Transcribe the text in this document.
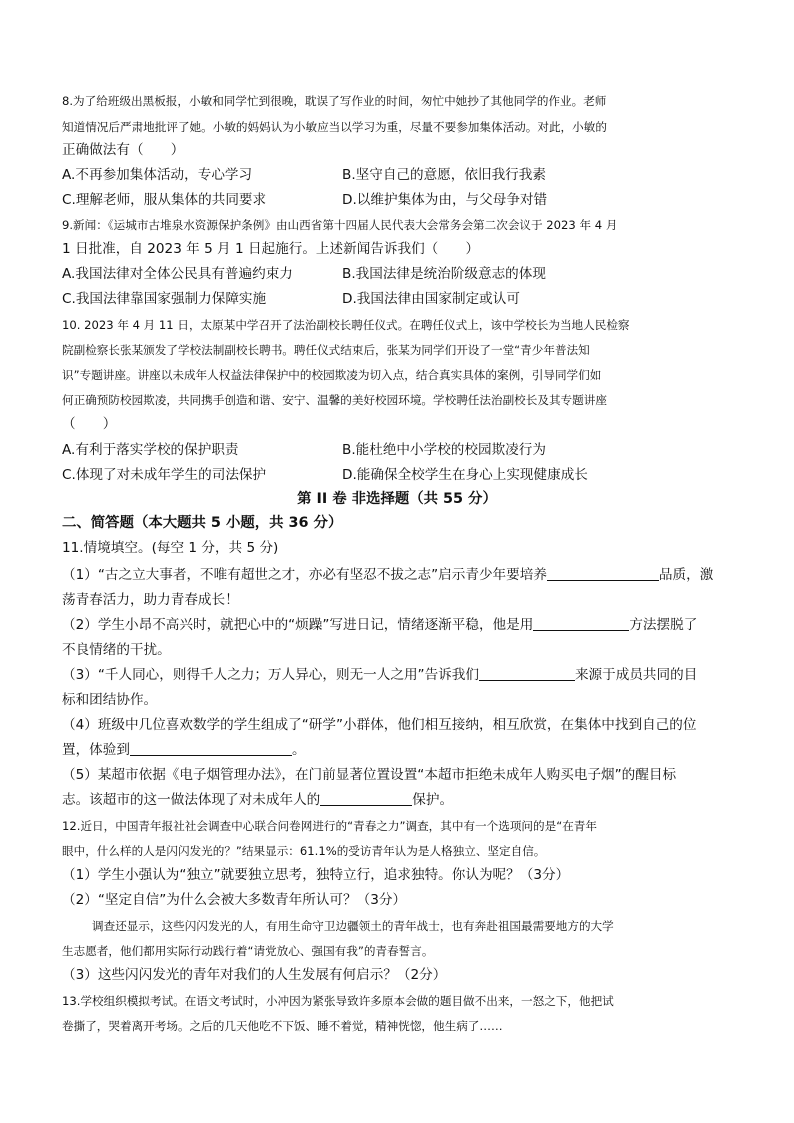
8.为了给班级出黑板报，小敏和同学忙到很晚，耽误了写作业的时间，匆忙中她抄了其他同学的作业。老师
知道情况后严肃地批评了她。小敏的妈妈认为小敏应当以学习为重，尽量不要参加集体活动。对此，小敏的
正确做法有（　　）
A.不再参加集体活动，专心学习	B.坚守自己的意愿，依旧我行我素
C.理解老师，服从集体的共同要求	D.以维护集体为由，与父母争对错
9.新闻：《运城市古堆泉水资源保护条例》由山西省第十四届人民代表大会常务会第二次会议于 2023 年 4 月
1 日批准，自 2023 年 5 月 1 日起施行。上述新闻告诉我们（　　）
A.我国法律对全体公民具有普遍约束力	B.我国法律是统治阶级意志的体现
C.我国法律靠国家强制力保障实施	D.我国法律由国家制定或认可
10. 2023 年 4 月 11 日，太原某中学召开了法治副校长聘任仪式。在聘任仪式上，该中学校长为当地人民检察
院副检察长张某颁发了学校法制副校长聘书。聘任仪式结束后，张某为同学们开设了一堂“青少年普法知
识”专题讲座。讲座以未成年人权益法律保护中的校园欺凌为切入点，结合真实具体的案例，引导同学们如
何正确预防校园欺凌，共同携手创造和谐、安宁、温馨的美好校园环境。学校聘任法治副校长及其专题讲座
（　　）
A.有利于落实学校的保护职责	B.能杜绝中小学校的校园欺凌行为
C.体现了对未成年学生的司法保护	D.能确保全校学生在身心上实现健康成长
第 II 卷 非选择题（共 55 分）
二、简答题（本大题共 5 小题，共 36 分）
11.情境填空。(每空 1 分，共 5 分)
（1）“古之立大事者，不唯有超世之才，亦必有坚忍不拔之志”启示青少年要培养	品质，激
荡青春活力，助力青春成长！
（2）学生小昂不高兴时，就把心中的“烦躁”写进日记，情绪逐渐平稳，他是用	方法摆脱了
不良情绪的干扰。
（3）“千人同心，则得千人之力；万人异心，则无一人之用”告诉我们	来源于成员共同的目
标和团结协作。
（4）班级中几位喜欢数学的学生组成了“研学”小群体，他们相互接纳，相互欣赏，在集体中找到自己的位
置，体验到	。
（5）某超市依据《电子烟管理办法》，在门前显著位置设置“本超市拒绝未成年人购买电子烟”的醒目标
志。该超市的这一做法体现了对未成年人的	保护。
12.近日，中国青年报社社会调查中心联合问卷网进行的“青春之力”调查，其中有一个选项问的是“在青年
眼中，什么样的人是闪闪发光的？”结果显示：61.1%的受访青年认为是人格独立、坚定自信。
（1）学生小强认为“独立”就要独立思考，独特立行，追求独特。你认为呢？（3分）
（2）“坚定自信”为什么会被大多数青年所认可？（3分）
调查还显示，这些闪闪发光的人，有用生命守卫边疆领土的青年战士，也有奔赴祖国最需要地方的大学
生志愿者，他们都用实际行动践行着“请党放心、强国有我”的青春誓言。
（3）这些闪闪发光的青年对我们的人生发展有何启示？（2分）
13.学校组织模拟考试。在语文考试时，小冲因为紧张导致许多原本会做的题目做不出来，一怒之下，他把试
卷撕了，哭着离开考场。之后的几天他吃不下饭、睡不着觉，精神恍惚，他生病了……
